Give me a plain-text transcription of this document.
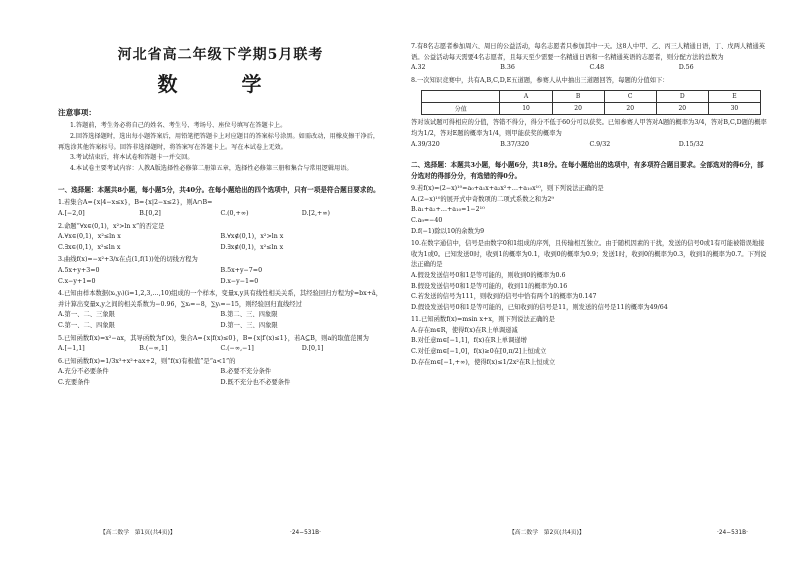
河北省高二年级下学期5月联考
数　学
注意事项：

1.答题前，考生务必将自己的姓名、考生号、考场号、座位号填写在答题卡上。

2.回答选择题时，选出每小题答案后，用铅笔把答题卡上对应题目的答案标号涂黑。如需改动，用橡皮擦干净后，再选涂其他答案标号。回答非选择题时，将答案写在答题卡上。写在本试卷上无效。

3.考试结束后，将本试卷和答题卡一并交回。

4.本试卷主要考试内容：人教A版选择性必修第二册第五章，选择性必修第三册和集合与常用逻辑用语。

一、选择题：本题共8小题，每小题5分，共40分。在每小题给出的四个选项中，只有一项是符合题目要求的。
1.若集合A={x|4−x≤x}，B={x|2−x≤2}，则A∩B=
A.[−2,0]	B.[0,2]	C.(0,+∞)	D.[2,+∞)
2.命题“∀x∈(0,1)，x²>ln x”的否定是
A.∀x∈(0,1)，x²≤ln x	B.∀x∉(0,1)，x²>ln x
C.∃x∈(0,1)，x²≤ln x	D.∃x∉(0,1)，x²≤ln x
3.曲线f(x)=−x²+3/x在点(1,f(1))处的切线方程为
A.5x+y+3=0	B.5x+y−7=0
C.x−y+1=0	D.x−y−1=0
4.已知由样本数据(xᵢ,yᵢ)(i=1,2,3,…,10)组成的一个样本，变量x,y具有线性相关关系，其经验回归方程为ŷ=bx+â，并计算出变量x,y之间的相关系数为−0.96，∑xᵢ=−8，∑yᵢ=−15，则经验回归直线经过
A.第一、二、三象限	B.第二、三、四象限
C.第一、二、四象限	D.第一、三、四象限
5.已知函数f(x)=x²−ax，其导函数为f′(x)，集合A={x|f(x)≤0}，B={x|f′(x)≤1}，若A⊆B，则a的取值范围为
A.[−1,1]	B.(−∞,1]	C.(−∞,−1]	D.[0,1]
6.已知函数f(x)=1/3x³+x²+ax+2，则“f(x)有极值”是“a<1”的
A.充分不必要条件	B.必要不充分条件
C.充要条件	D.既不充分也不必要条件
【高二数学　第1页(共4页)】	·24−531B·
7.有8名志愿者参加周六、周日的公益活动，每名志愿者只参加其中一天。这8人中甲、乙、丙三人精通日语，丁、戊两人精通英语。公益活动每天需要4名志愿者，且每天至少需要一名精通日语和一名精通英语的志愿者，则分配方法的总数为
A.32	B.36	C.48	D.56
8.一次知识竞赛中，共有A,B,C,D,E五道题，参赛人从中抽出三道题回答，每题的分值如下：
	A	B	C	D	E
分值	10	20	20	20	30
答对该试题可得相应的分值，答错不得分，得分不低于60分可以获奖。已知参赛人甲答对A题的概率为3/4，答对B,C,D题的概率均为1/2，答对E题的概率为1/4，则甲能获奖的概率为
A.39/320	B.37/320	C.9/32	D.15/32
二、选择题：本题共3小题，每小题6分，共18分。在每小题给出的选项中，有多项符合题目要求。全部选对的得6分，部分选对的得部分分，有选错的得0分。
9.若f(x)=(2−x)¹⁰=a₀+a₁x+a₂x²+…+a₁₀x¹⁰，则下列说法正确的是
A.(2−x)¹⁰的展开式中奇数项的二项式系数之和为2⁹
B.a₁+a₂+…+a₁₀=1−2¹⁰
C.a₉=−40
D.f(−1)除以10的余数为9
10.在数字通信中，信号是由数字0和1组成的序列，且传输相互独立。由于随机因素的干扰，发送的信号0或1有可能被错误地接收为1或0。已知发送0时，收到1的概率为0.1，收到0的概率为0.9；发送1时，收到0的概率为0.3，收到1的概率为0.7。下列说法正确的是
A.假设发送信号0和1是等可能的，则收到0的概率为0.6
B.假设发送信号0和1是等可能的，收到11的概率为0.16
C.若发送的信号为111，则收到的信号中恰有两个1的概率为0.147
D.假设发送信号0和1是等可能的，已知收到的信号是11，则发送的信号是11的概率为49/64
11.已知函数f(x)=msin x+x，则下列说法正确的是
A.存在m∈R，使得f(x)在R上单调递减
B.对任意m∈[−1,1]，f(x)在R上单调递增
C.对任意m∈[−1,0]，f(x)≥0在[0,π/2]上恒成立
D.存在m∈[−1,+∞)，使得f(x)≤1/2x²在R上恒成立
【高二数学　第2页(共4页)】	·24−531B·
